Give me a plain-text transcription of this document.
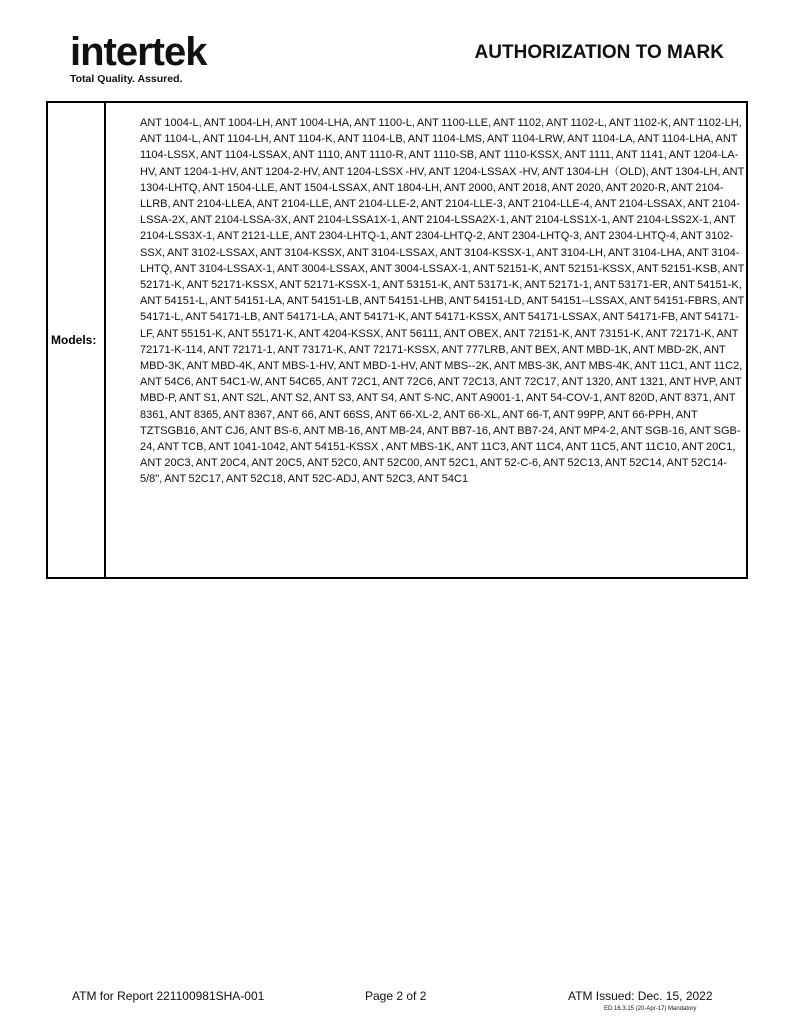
intertek
Total Quality. Assured.
AUTHORIZATION TO MARK
Models:
ANT 1004-L, ANT 1004-LH, ANT 1004-LHA, ANT 1100-L, ANT 1100-LLE, ANT 1102, ANT 1102-L, ANT 1102-K, ANT 1102-LH, ANT 1104-L, ANT 1104-LH, ANT 1104-K, ANT 1104-LB, ANT 1104-LMS, ANT 1104-LRW, ANT 1104-LA, ANT 1104-LHA, ANT 1104-LSSX, ANT 1104-LSSAX, ANT 1110, ANT 1110-R, ANT 1110-SB, ANT 1110-KSSX, ANT 1111, ANT 1141, ANT 1204-LA-HV, ANT 1204-1-HV, ANT 1204-2-HV, ANT 1204-LSSX -HV, ANT 1204-LSSAX -HV, ANT 1304-LH（OLD), ANT 1304-LH, ANT 1304-LHTQ, ANT 1504-LLE, ANT 1504-LSSAX, ANT 1804-LH, ANT 2000, ANT 2018, ANT 2020, ANT 2020-R, ANT 2104-LLRB, ANT 2104-LLEA, ANT 2104-LLE, ANT 2104-LLE-2, ANT 2104-LLE-3, ANT 2104-LLE-4, ANT 2104-LSSAX, ANT 2104-LSSA-2X, ANT 2104-LSSA-3X, ANT 2104-LSSA1X-1, ANT 2104-LSSA2X-1, ANT 2104-LSS1X-1, ANT 2104-LSS2X-1, ANT 2104-LSS3X-1, ANT 2121-LLE, ANT 2304-LHTQ-1, ANT 2304-LHTQ-2, ANT 2304-LHTQ-3, ANT 2304-LHTQ-4, ANT 3102-SSX, ANT 3102-LSSAX, ANT 3104-KSSX, ANT 3104-LSSAX, ANT 3104-KSSX-1, ANT 3104-LH, ANT 3104-LHA, ANT 3104-LHTQ, ANT 3104-LSSAX-1, ANT 3004-LSSAX, ANT 3004-LSSAX-1, ANT 52151-K, ANT 52151-KSSX, ANT 52151-KSB, ANT 52171-K, ANT 52171-KSSX, ANT 52171-KSSX-1, ANT 53151-K, ANT 53171-K, ANT 52171-1, ANT 53171-ER, ANT 54151-K, ANT 54151-L, ANT 54151-LA, ANT 54151-LB, ANT 54151-LHB, ANT 54151-LD, ANT 54151--LSSAX, ANT 54151-FBRS, ANT 54171-L, ANT 54171-LB, ANT 54171-LA, ANT 54171-K, ANT 54171-KSSX, ANT 54171-LSSAX, ANT 54171-FB, ANT 54171-LF, ANT 55151-K, ANT 55171-K, ANT 4204-KSSX, ANT 56111, ANT OBEX, ANT 72151-K, ANT 73151-K, ANT 72171-K, ANT 72171-K-114, ANT 72171-1, ANT 73171-K, ANT 72171-KSSX, ANT 777LRB, ANT BEX, ANT MBD-1K, ANT MBD-2K, ANT MBD-3K, ANT MBD-4K, ANT MBS-1-HV, ANT MBD-1-HV, ANT MBS--2K, ANT MBS-3K, ANT MBS-4K, ANT 11C1, ANT 11C2, ANT 54C6, ANT 54C1-W, ANT 54C65, ANT 72C1, ANT 72C6, ANT 72C13, ANT 72C17, ANT 1320, ANT 1321, ANT HVP, ANT MBD-P, ANT S1, ANT S2L, ANT S2, ANT S3, ANT S4, ANT S-NC, ANT A9001-1, ANT 54-COV-1, ANT 820D, ANT 8371, ANT 8361, ANT 8365, ANT 8367, ANT 66, ANT 66SS, ANT 66-XL-2, ANT 66-XL, ANT 66-T, ANT 99PP, ANT 66-PPH, ANT TZTSGB16, ANT CJ6, ANT BS-6, ANT MB-16, ANT MB-24, ANT BB7-16, ANT BB7-24, ANT MP4-2, ANT SGB-16, ANT SGB-24, ANT TCB, ANT 1041-1042, ANT 54151-KSSX , ANT MBS-1K, ANT 11C3, ANT 11C4, ANT 11C5, ANT 11C10, ANT 20C1, ANT 20C3, ANT 20C4, ANT 20C5, ANT 52C0, ANT 52C00, ANT 52C1, ANT 52-C-6, ANT 52C13, ANT 52C14, ANT 52C14-5/8", ANT 52C17, ANT 52C18, ANT 52C-ADJ, ANT 52C3, ANT 54C1
ATM for Report 221100981SHA-001	Page 2 of 2	ATM Issued: Dec. 15, 2022
ED 16.3.15 (20-Apr-17) Mandatory
